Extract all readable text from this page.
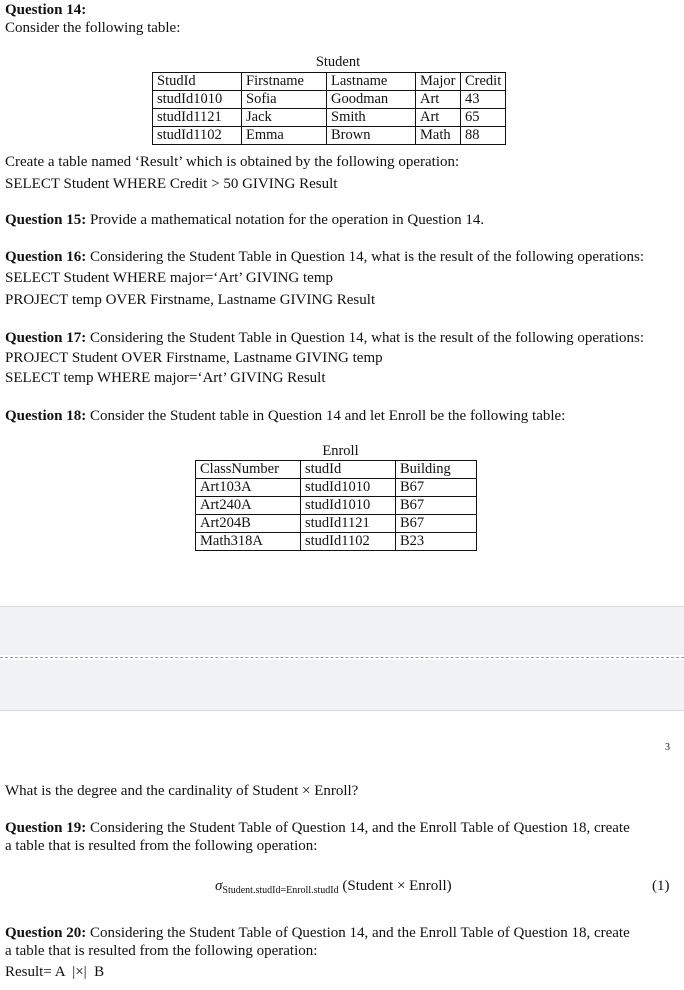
Question 14:
Consider the following table:
Student
StudId	Firstname	Lastname	Major	Credit
studId1010	Sofia	Goodman	Art	43
studId1121	Jack	Smith	Art	65
studId1102	Emma	Brown	Math	88
Create a table named ‘Result’ which is obtained by the following operation:
SELECT Student WHERE Credit > 50 GIVING Result
Question 15: Provide a mathematical notation for the operation in Question 14.
Question 16: Considering the Student Table in Question 14, what is the result of the following operations:
SELECT Student WHERE major=‘Art’ GIVING temp
PROJECT temp OVER Firstname, Lastname GIVING Result
Question 17: Considering the Student Table in Question 14, what is the result of the following operations:
PROJECT Student OVER Firstname, Lastname GIVING temp
SELECT temp WHERE major=‘Art’ GIVING Result
Question 18: Consider the Student table in Question 14 and let Enroll be the following table:
Enroll
ClassNumber	studId	Building
Art103A	studId1010	B67
Art240A	studId1010	B67
Art204B	studId1121	B67
Math318A	studId1102	B23
3
What is the degree and the cardinality of Student × Enroll?
Question 19: Considering the Student Table of Question 14, and the Enroll Table of Question 18, create
a table that is resulted from the following operation:
$\sigma_{Student.studId=Enroll.studId}$ (Student × Enroll)	(1)
Question 20: Considering the Student Table of Question 14, and the Enroll Table of Question 18, create
a table that is resulted from the following operation:
Result= A  |×|  B
